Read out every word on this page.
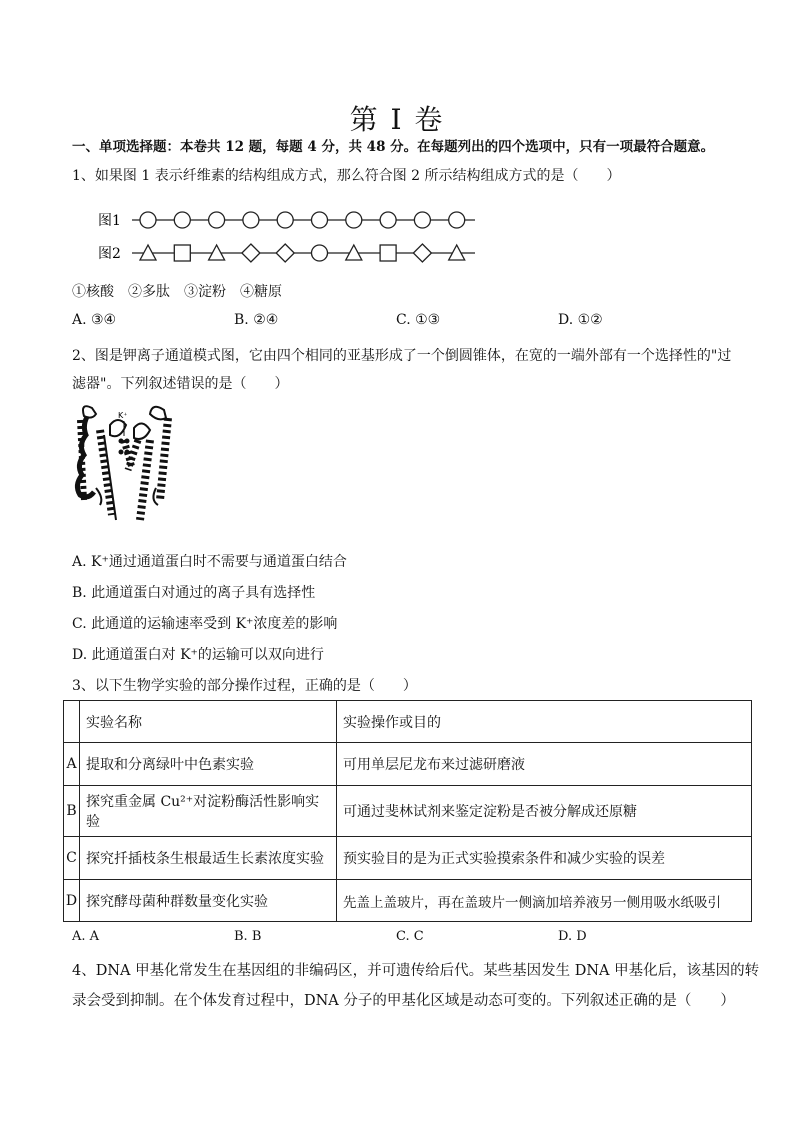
第 I 卷
一、单项选择题：本卷共 12 题，每题 4 分，共 48 分。在每题列出的四个选项中，只有一项最符合题意。
1、如果图 1 表示纤维素的结构组成方式，那么符合图 2 所示结构组成方式的是（　　）
图1
图2
K⁺
①核酸　②多肽　③淀粉　④糖原
A. ③④	B. ②④	C. ①③	D. ①②
2、图是钾离子通道模式图，它由四个相同的亚基形成了一个倒圆锥体，在宽的一端外部有一个选择性的"过
滤器"。下列叙述错误的是（　　）
A. K⁺通过通道蛋白时不需要与通道蛋白结合
B. 此通道蛋白对通过的离子具有选择性
C. 此通道的运输速率受到 K⁺浓度差的影响
D. 此通道蛋白对 K⁺的运输可以双向进行
3、以下生物学实验的部分操作过程，正确的是（　　）
	实验名称	实验操作或目的
A	提取和分离绿叶中色素实验	可用单层尼龙布来过滤研磨液
B	探究重金属 Cu²⁺对淀粉酶活性影响实验	可通过斐林试剂来鉴定淀粉是否被分解成还原糖
C	探究扦插枝条生根最适生长素浓度实验	预实验目的是为正式实验摸索条件和减少实验的误差
D	探究酵母菌种群数量变化实验	先盖上盖玻片，再在盖玻片一侧滴加培养液另一侧用吸水纸吸引
A. A	B. B	C. C	D. D
4、DNA 甲基化常发生在基因组的非编码区，并可遗传给后代。某些基因发生 DNA 甲基化后，该基因的转
录会受到抑制。在个体发育过程中，DNA 分子的甲基化区域是动态可变的。下列叙述正确的是（　　）
